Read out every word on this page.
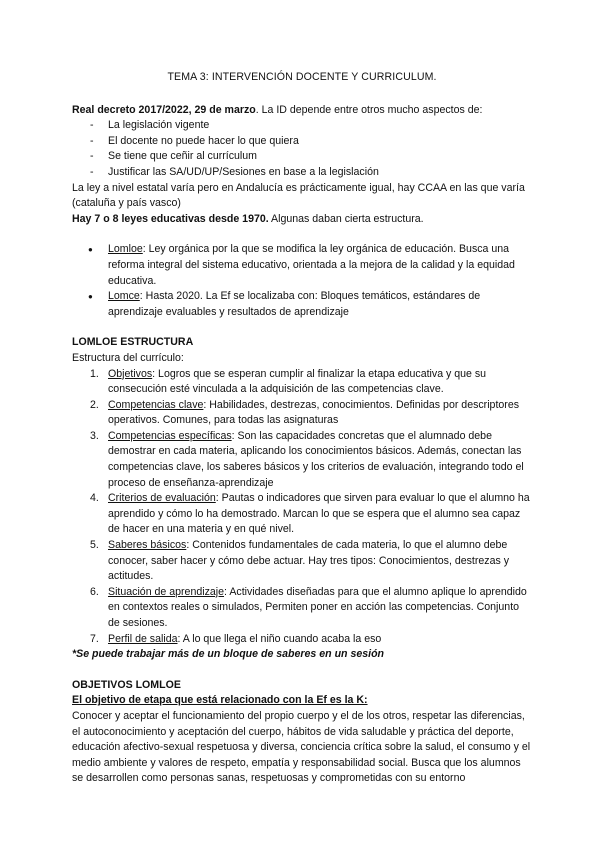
TEMA 3: INTERVENCIÓN DOCENTE Y CURRICULUM.

Real decreto 2017/2022, 29 de marzo. La ID depende entre otros mucho aspectos de:

- La legislación vigente
- El docente no puede hacer lo que quiera
- Se tiene que ceñir al currículum
- Justificar las SA/UD/UP/Sesiones en base a la legislación

La ley a nivel estatal varía pero en Andalucía es prácticamente igual, hay CCAA en las que varía (cataluña y país vasco)

Hay 7 o 8 leyes educativas desde 1970. Algunas daban cierta estructura.

● Lomloe: Ley orgánica por la que se modifica la ley orgánica de educación. Busca una reforma integral del sistema educativo, orientada a la mejora de la calidad y la equidad educativa.
● Lomce: Hasta 2020. La Ef se localizaba con: Bloques temáticos, estándares de aprendizaje evaluables y resultados de aprendizaje

LOMLOE ESTRUCTURA

Estructura del currículo:

1. Objetivos: Logros que se esperan cumplir al finalizar la etapa educativa y que su consecución esté vinculada a la adquisición de las competencias clave.
2. Competencias clave: Habilidades, destrezas, conocimientos. Definidas por descriptores operativos. Comunes, para todas las asignaturas
3. Competencias específicas: Son las capacidades concretas que el alumnado debe demostrar en cada materia, aplicando los conocimientos básicos. Además, conectan las competencias clave, los saberes básicos y los criterios de evaluación, integrando todo el proceso de enseñanza-aprendizaje
4. Criterios de evaluación: Pautas o indicadores que sirven para evaluar lo que el alumno ha aprendido y cómo lo ha demostrado. Marcan lo que se espera que el alumno sea capaz de hacer en una materia y en qué nivel.
5. Saberes básicos: Contenidos fundamentales de cada materia, lo que el alumno debe conocer, saber hacer y cómo debe actuar. Hay tres tipos: Conocimientos, destrezas y actitudes.
6. Situación de aprendizaje: Actividades diseñadas para que el alumno aplique lo aprendido en contextos reales o simulados, Permiten poner en acción las competencias. Conjunto de sesiones.
7. Perfil de salida: A lo que llega el niño cuando acaba la eso

*Se puede trabajar más de un bloque de saberes en un sesión

OBJETIVOS LOMLOE

El objetivo de etapa que está relacionado con la Ef es la K:

Conocer y aceptar el funcionamiento del propio cuerpo y el de los otros, respetar las diferencias, el autoconocimiento y aceptación del cuerpo, hábitos de vida saludable y práctica del deporte, educación afectivo-sexual respetuosa y diversa, conciencia crítica sobre la salud, el consumo y el medio ambiente y valores de respeto, empatía y responsabilidad social. Busca que los alumnos se desarrollen como personas sanas, respetuosas y comprometidas con su entorno
